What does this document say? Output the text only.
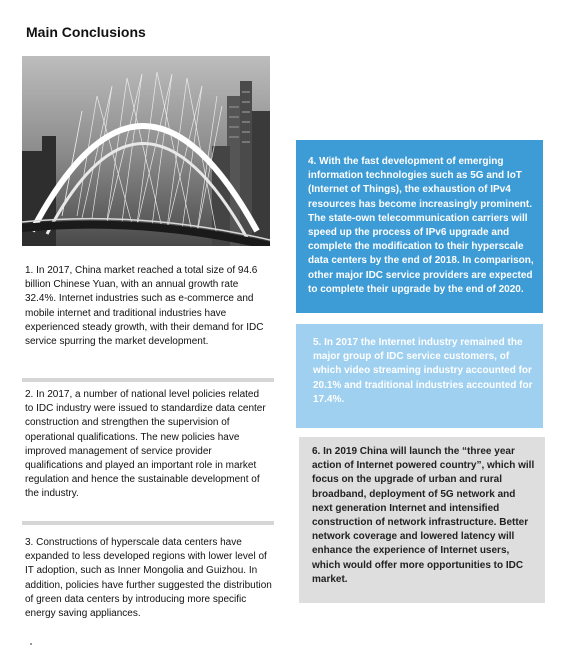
Main Conclusions
1. In 2017, China market reached a total size of 94.6 billion Chinese Yuan, with an annual growth rate 32.4%. Internet industries such as e-commerce and mobile internet and traditional industries have experienced steady growth, with their demand for IDC service spurring the market development.
2. In 2017, a number of national level policies related to IDC industry were issued to standardize data center construction and strengthen the supervision of operational qualifications. The new policies have improved management of service provider qualifications and played an important role in market regulation and hence the sustainable development of the industry.
3. Constructions of hyperscale data centers have expanded to less developed regions with lower level of IT adoption, such as Inner Mongolia and Guizhou. In addition, policies have further suggested the distribution of green data centers by introducing more specific energy saving appliances.
4. With the fast development of emerging information technologies such as 5G and IoT (Internet of Things), the exhaustion of IPv4 resources has become increasingly prominent. The state-own telecommunication carriers will speed up the process of IPv6 upgrade and complete the modification to their hyperscale data centers by the end of 2018. In comparison, other major IDC service providers are expected to complete their upgrade by the end of 2020.
5. In 2017 the Internet industry remained the major group of IDC service customers, of which video streaming industry accounted for 20.1% and traditional industries accounted for 17.4%.
6. In 2019 China will launch the “three year action of Internet powered country”, which will focus on the upgrade of urban and rural broadband, deployment of 5G network and next generation Internet and intensified construction of network infrastructure. Better network coverage and lowered latency will enhance the experience of Internet users, which would offer more opportunities to IDC market.
